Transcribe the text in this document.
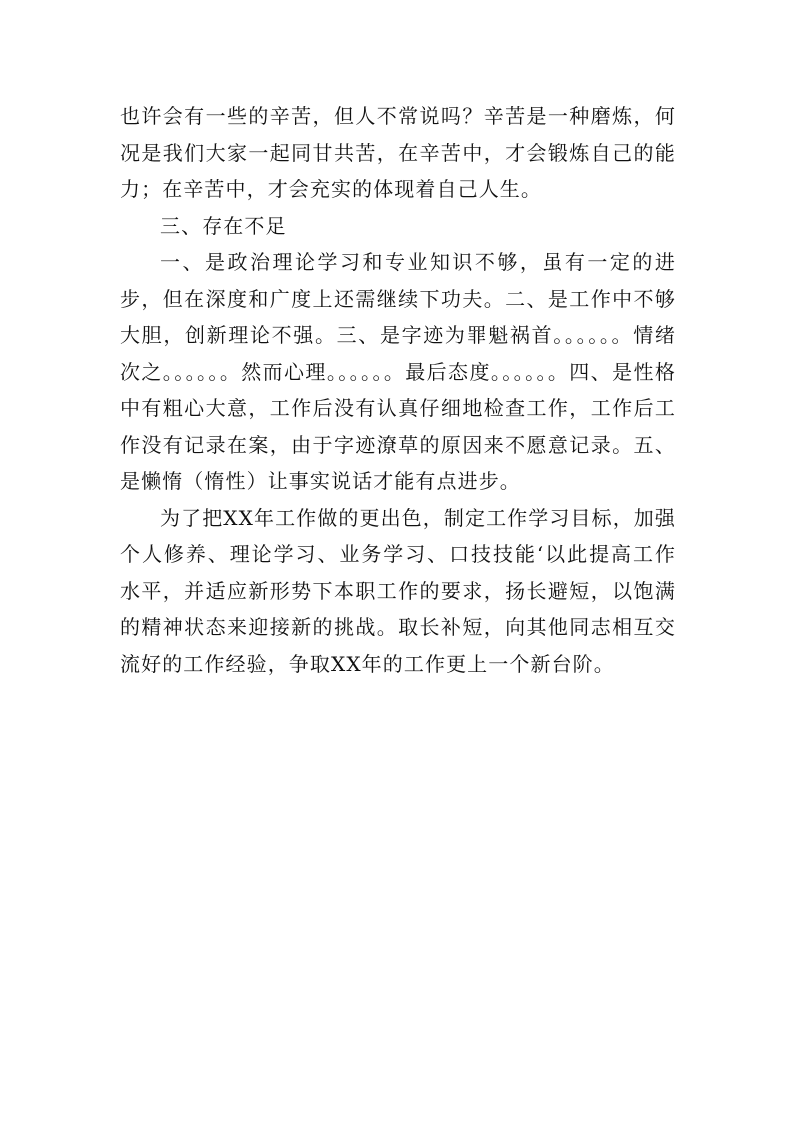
也许会有一些的辛苦，但人不常说吗？辛苦是一种磨炼，何况是我们大家一起同甘共苦，在辛苦中，才会锻炼自己的能力；在辛苦中，才会充实的体现着自己人生。

三、存在不足

一、是政治理论学习和专业知识不够，虽有一定的进步，但在深度和广度上还需继续下功夫。二、是工作中不够大胆，创新理论不强。三、是字迹为罪魁祸首。。。。。。情绪次之。。。。。。然而心理。。。。。。最后态度。。。。。。四、是性格中有粗心大意，工作后没有认真仔细地检查工作，工作后工作没有记录在案，由于字迹潦草的原因来不愿意记录。五、是懒惰（惰性）让事实说话才能有点进步。

为了把XX年工作做的更出色，制定工作学习目标，加强个人修养、理论学习、业务学习、口技技能‘以此提高工作水平，并适应新形势下本职工作的要求，扬长避短，以饱满的精神状态来迎接新的挑战。取长补短，向其他同志相互交流好的工作经验，争取XX年的工作更上一个新台阶。
